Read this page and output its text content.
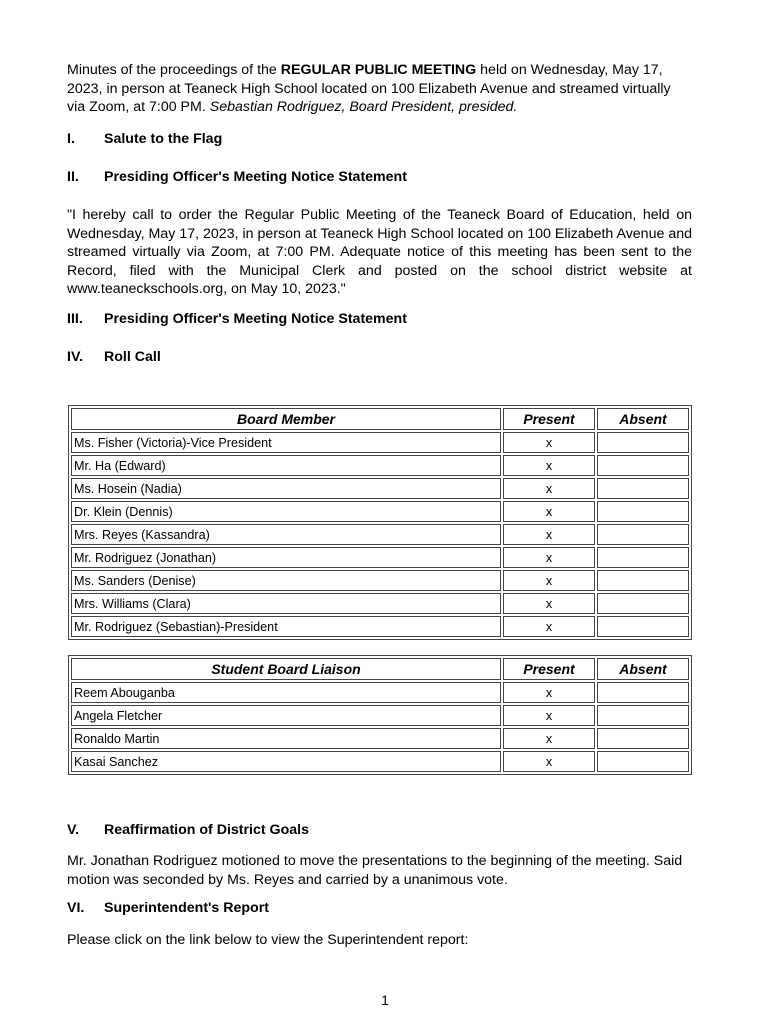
Minutes of the proceedings of the REGULAR PUBLIC MEETING held on Wednesday, May 17, 2023, in person at Teaneck High School located on 100 Elizabeth Avenue and streamed virtually via Zoom, at 7:00 PM. Sebastian Rodriguez, Board President, presided.
I. Salute to the Flag
II. Presiding Officer's Meeting Notice Statement
"I hereby call to order the Regular Public Meeting of the Teaneck Board of Education, held on Wednesday, May 17, 2023, in person at Teaneck High School located on 100 Elizabeth Avenue and streamed virtually via Zoom, at 7:00 PM. Adequate notice of this meeting has been sent to the Record, filed with the Municipal Clerk and posted on the school district website at www.teaneckschools.org, on May 10, 2023."
III. Presiding Officer's Meeting Notice Statement
IV. Roll Call
Board Member	Present	Absent
Ms. Fisher (Victoria)-Vice President	x	
Mr. Ha (Edward)	x	
Ms. Hosein (Nadia)	x	
Dr. Klein (Dennis)	x	
Mrs. Reyes (Kassandra)	x	
Mr. Rodriguez (Jonathan)	x	
Ms. Sanders (Denise)	x	
Mrs. Williams (Clara)	x	
Mr. Rodriguez (Sebastian)-President	x	
Student Board Liaison	Present	Absent
Reem Abouganba	x	
Angela Fletcher	x	
Ronaldo Martin	x	
Kasai Sanchez	x	
V. Reaffirmation of District Goals
Mr. Jonathan Rodriguez motioned to move the presentations to the beginning of the meeting. Said motion was seconded by Ms. Reyes and carried by a unanimous vote.
VI. Superintendent's Report
Please click on the link below to view the Superintendent report:
1
